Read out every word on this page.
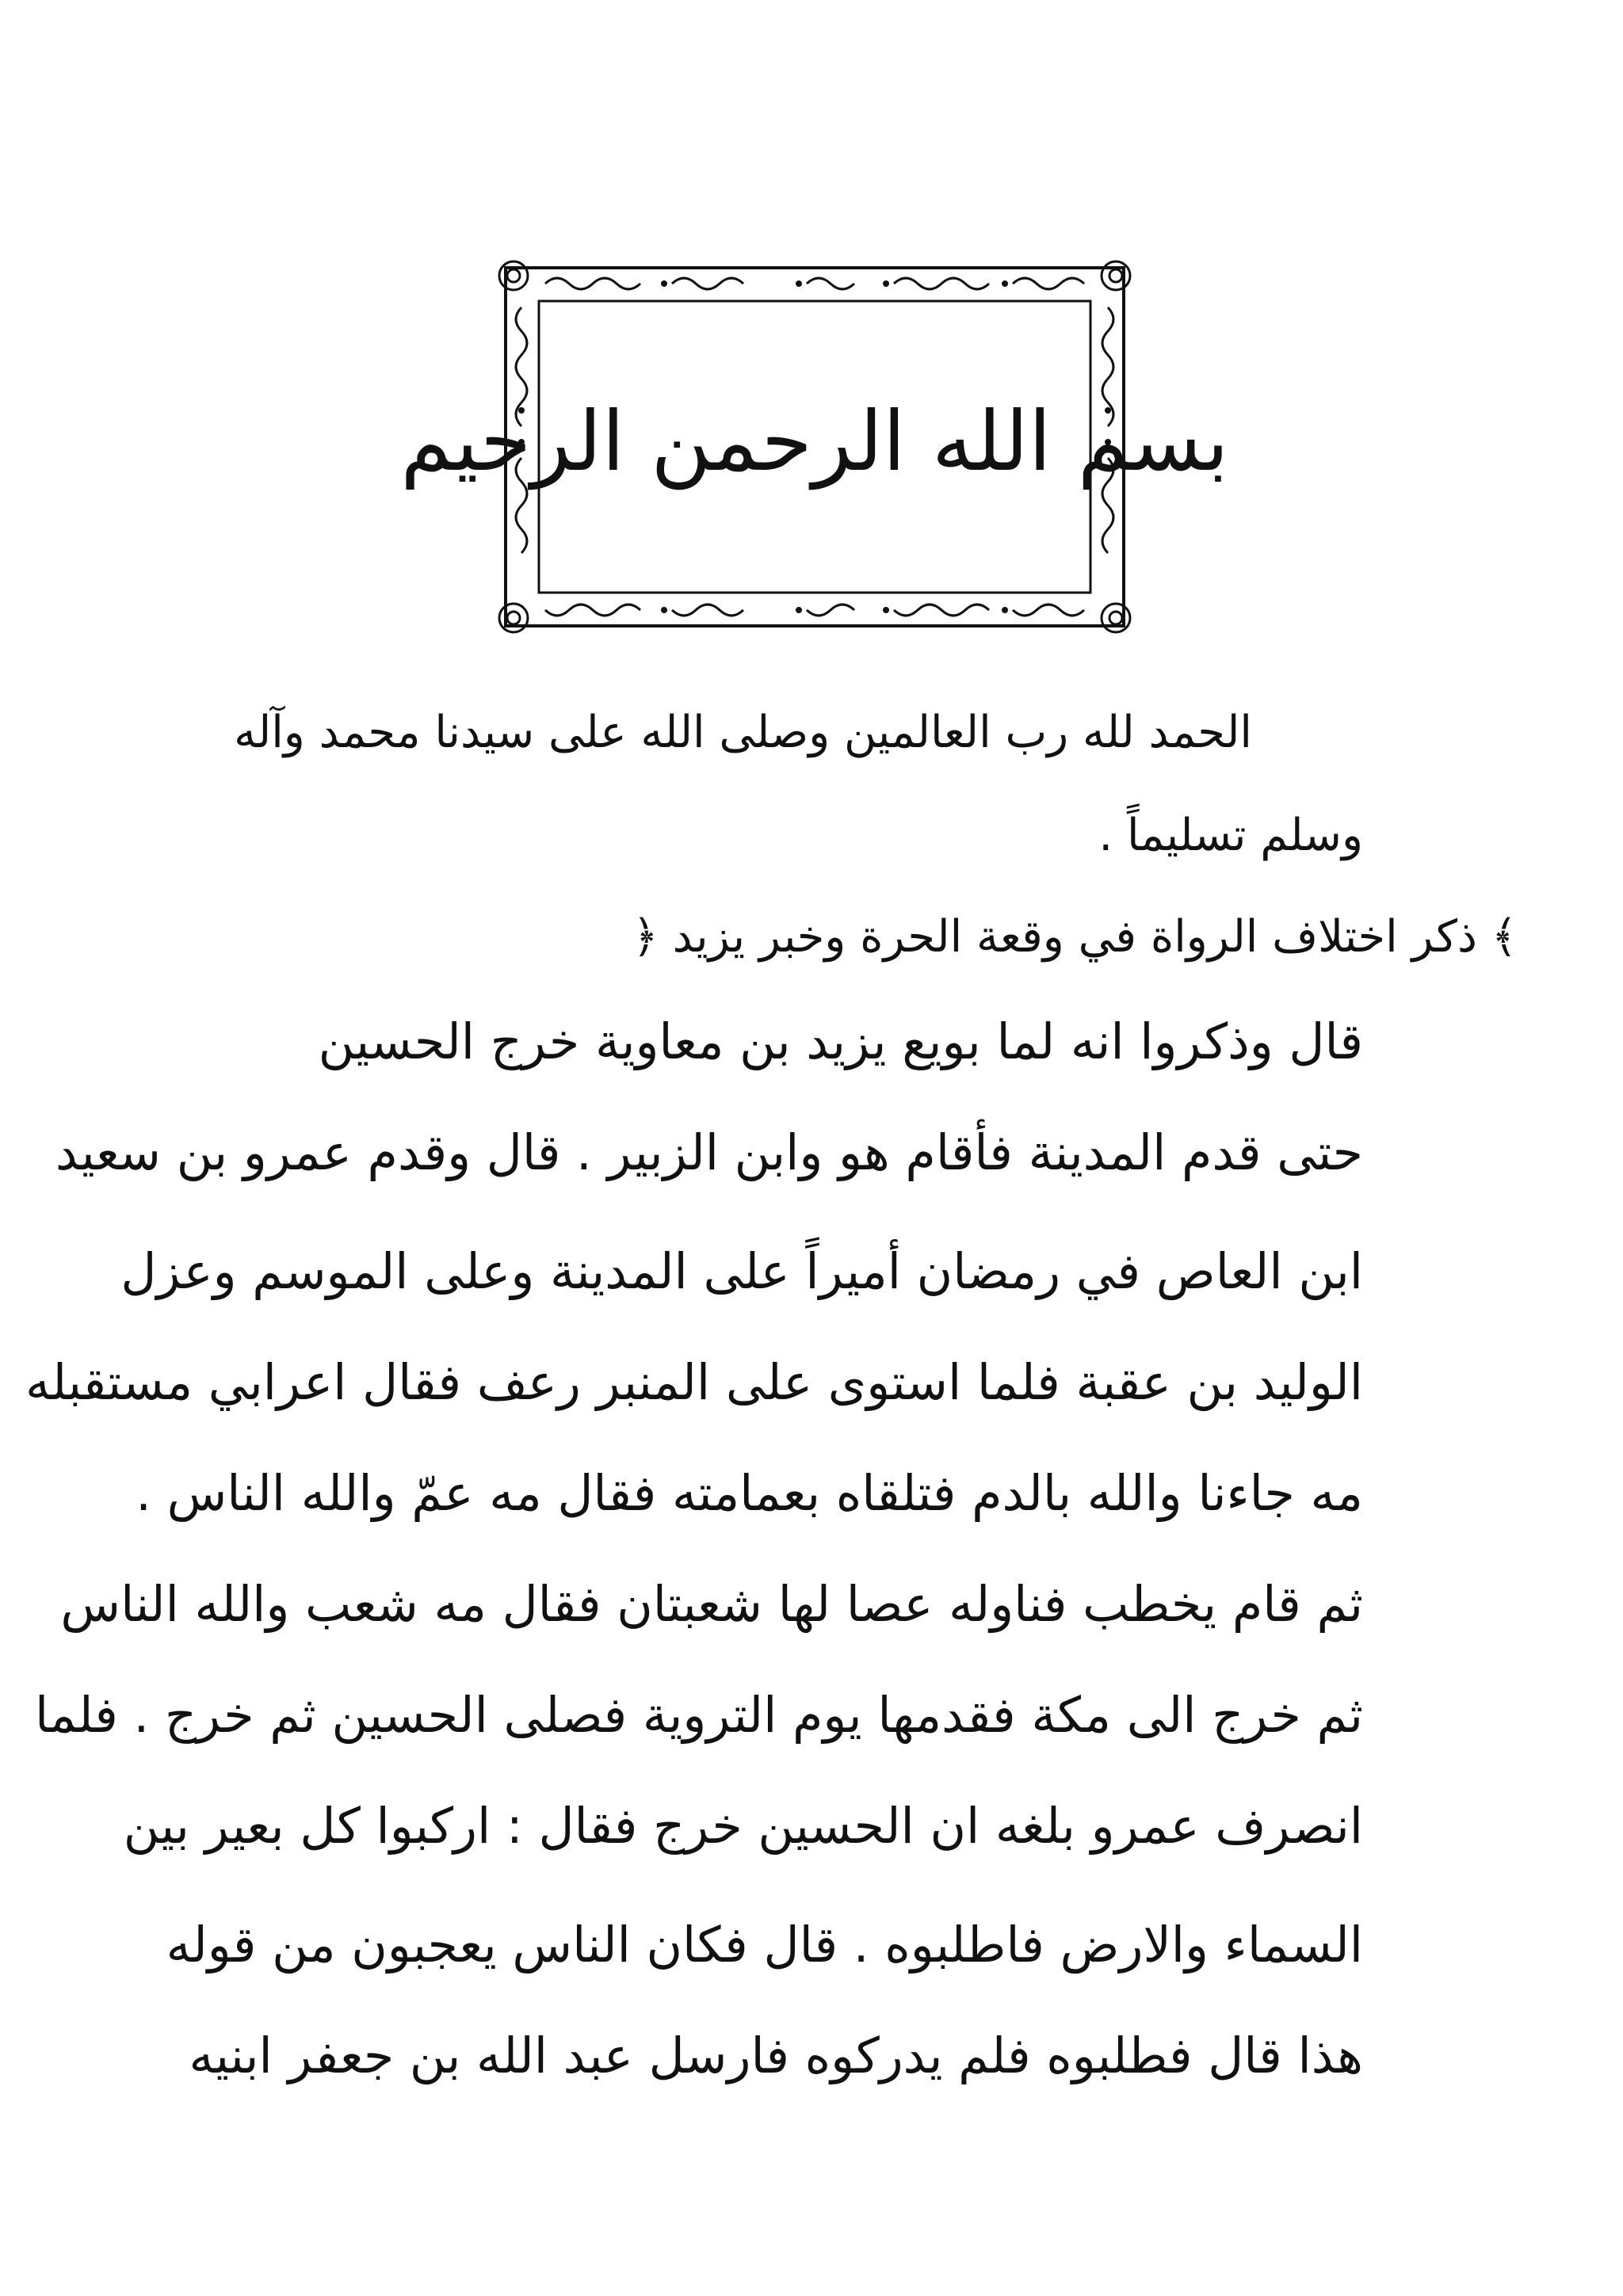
بسم الله الرحمن الرحيم
الحمد لله رب العالمين وصلى الله على سيدنا محمد وآله
وسلم تسليماً .
﴿ ذكر اختلاف الرواة في وقعة الحرة وخبر يزيد ﴾
قال وذكروا انه لما بويع يزيد بن معاوية خرج الحسين
حتى قدم المدينة فأقام هو وابن الزبير . قال وقدم عمرو بن سعيد
ابن العاص في رمضان أميراً على المدينة وعلى الموسم وعزل
الوليد بن عقبة فلما استوى على المنبر رعف فقال اعرابي مستقبله
مه جاءنا والله بالدم فتلقاه بعمامته فقال مه عمّ والله الناس .
ثم قام يخطب فناوله عصا لها شعبتان فقال مه شعب والله الناس
ثم خرج الى مكة فقدمها يوم التروية فصلى الحسين ثم خرج . فلما
انصرف عمرو بلغه ان الحسين خرج فقال : اركبوا كل بعير بين
السماء والارض فاطلبوه . قال فكان الناس يعجبون من قوله
هذا قال فطلبوه فلم يدركوه فارسل عبد الله بن جعفر ابنيه
